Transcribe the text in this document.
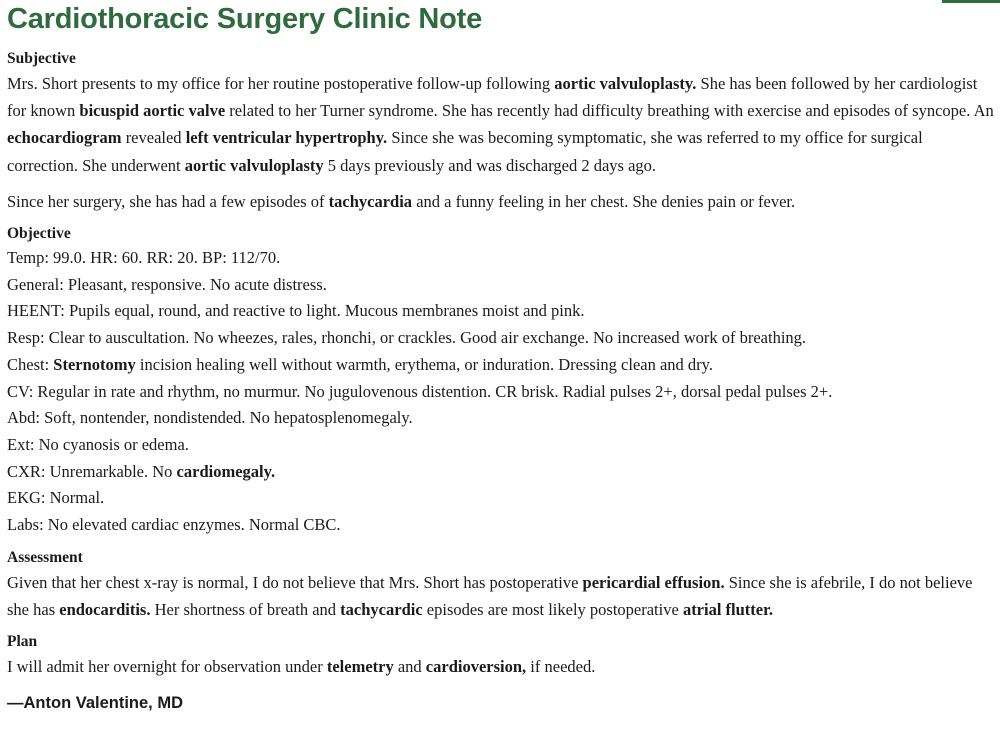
Cardiothoracic Surgery Clinic Note
Subjective

Mrs. Short presents to my office for her routine postoperative follow-up following aortic valvuloplasty. She has been followed by her cardiologist for known bicuspid aortic valve related to her Turner syndrome. She has recently had difficulty breathing with exercise and episodes of syncope. An echocardiogram revealed left ventricular hypertrophy. Since she was becoming symptomatic, she was referred to my office for surgical correction. She underwent aortic valvuloplasty 5 days previously and was discharged 2 days ago.

Since her surgery, she has had a few episodes of tachycardia and a funny feeling in her chest. She denies pain or fever.

Objective
Temp: 99.0. HR: 60. RR: 20. BP: 112/70.
General: Pleasant, responsive. No acute distress.
HEENT: Pupils equal, round, and reactive to light. Mucous membranes moist and pink.
Resp: Clear to auscultation. No wheezes, rales, rhonchi, or crackles. Good air exchange. No increased work of breathing.
Chest: Sternotomy incision healing well without warmth, erythema, or induration. Dressing clean and dry.
CV: Regular in rate and rhythm, no murmur. No jugulovenous distention. CR brisk. Radial pulses 2+, dorsal pedal pulses 2+.
Abd: Soft, nontender, nondistended. No hepatosplenomegaly.
Ext: No cyanosis or edema.
CXR: Unremarkable. No cardiomegaly.
EKG: Normal.
Labs: No elevated cardiac enzymes. Normal CBC.
Assessment

Given that her chest x-ray is normal, I do not believe that Mrs. Short has postoperative pericardial effusion. Since she is afebrile, I do not believe she has endocarditis. Her shortness of breath and tachycardic episodes are most likely postoperative atrial flutter.

Plan

I will admit her overnight for observation under telemetry and cardioversion, if needed.

—Anton Valentine, MD
